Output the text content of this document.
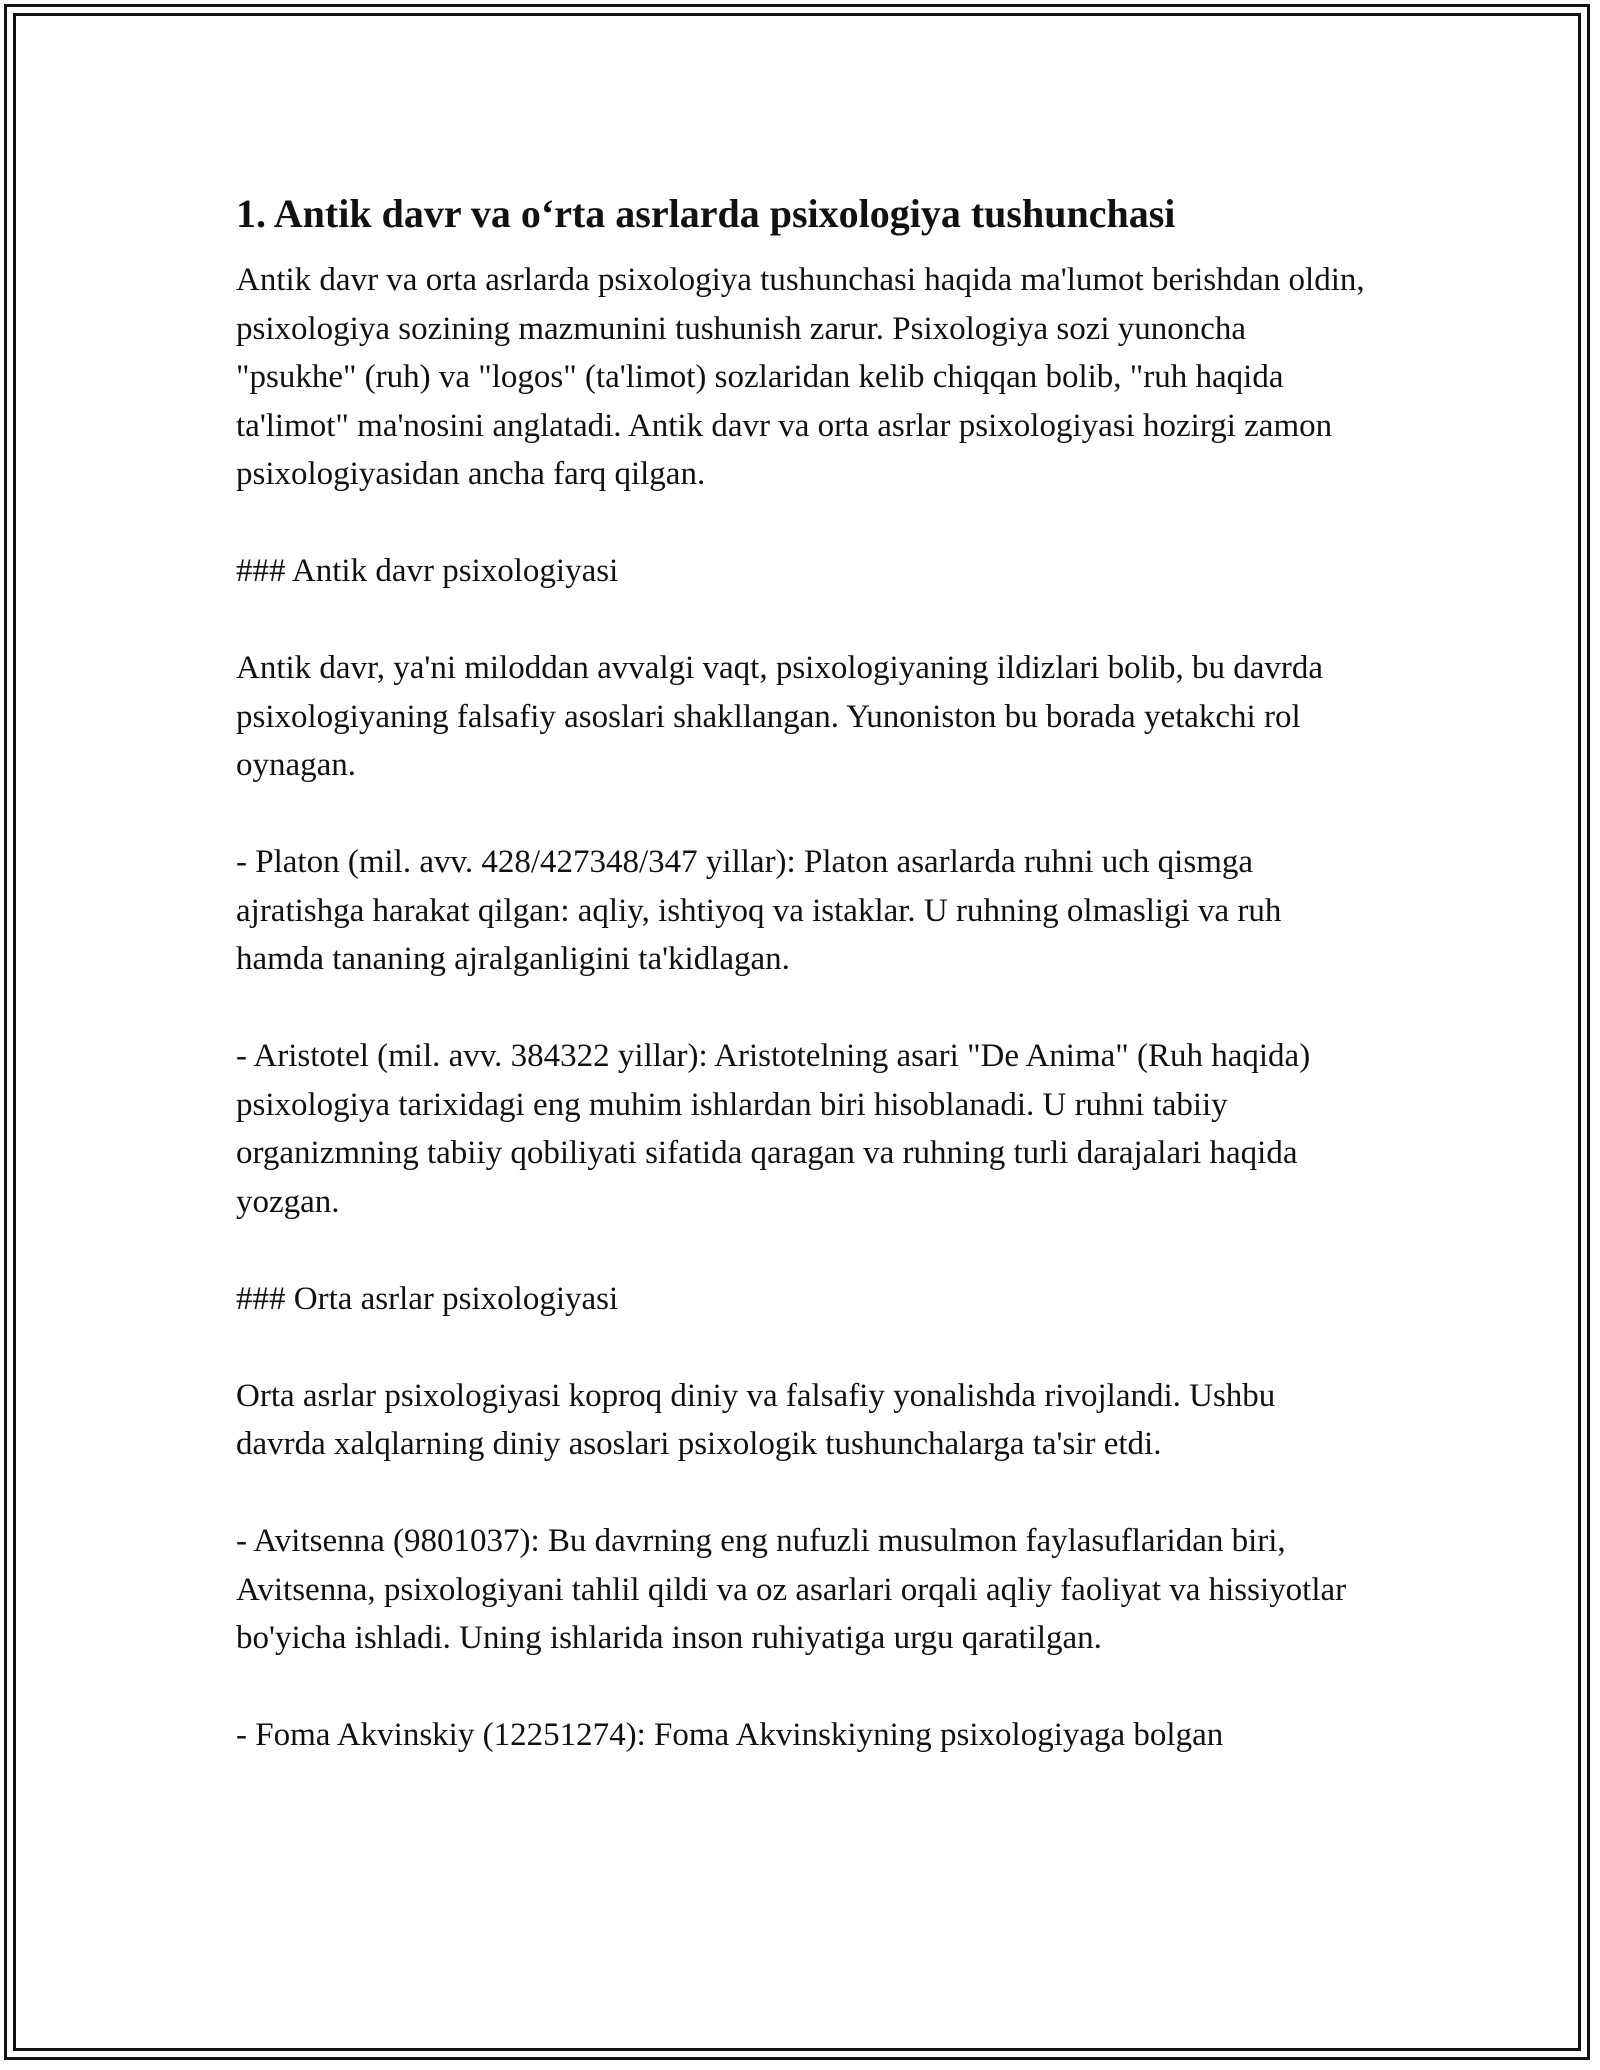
1. Antik davr va o‘rta asrlarda psixologiya tushunchasi

Antik davr va orta asrlarda psixologiya tushunchasi haqida ma'lumot berishdan oldin, psixologiya sozining mazmunini tushunish zarur. Psixologiya sozi yunoncha "psukhe" (ruh) va "logos" (ta'limot) sozlaridan kelib chiqqan bolib, "ruh haqida ta'limot" ma'nosini anglatadi. Antik davr va orta asrlar psixologiyasi hozirgi zamon psixologiyasidan ancha farq qilgan.

### Antik davr psixologiyasi

Antik davr, ya'ni miloddan avvalgi vaqt, psixologiyaning ildizlari bolib, bu davrda psixologiyaning falsafiy asoslari shakllangan. Yunoniston bu borada yetakchi rol oynagan.

- Platon (mil. avv. 428/427348/347 yillar): Platon asarlarda ruhni uch qismga ajratishga harakat qilgan: aqliy, ishtiyoq va istaklar. U ruhning olmasligi va ruh hamda tananing ajralganligini ta'kidlagan.

- Aristotel (mil. avv. 384322 yillar): Aristotelning asari "De Anima" (Ruh haqida) psixologiya tarixidagi eng muhim ishlardan biri hisoblanadi. U ruhni tabiiy organizmning tabiiy qobiliyati sifatida qaragan va ruhning turli darajalari haqida yozgan.

### Orta asrlar psixologiyasi

Orta asrlar psixologiyasi koproq diniy va falsafiy yonalishda rivojlandi. Ushbu davrda xalqlarning diniy asoslari psixologik tushunchalarga ta'sir etdi.

- Avitsenna (9801037): Bu davrning eng nufuzli musulmon faylasuflaridan biri, Avitsenna, psixologiyani tahlil qildi va oz asarlari orqali aqliy faoliyat va hissiyotlar bo'yicha ishladi. Uning ishlarida inson ruhiyatiga urgu qaratilgan.

- Foma Akvinskiy (12251274): Foma Akvinskiyning psixologiyaga bolgan
